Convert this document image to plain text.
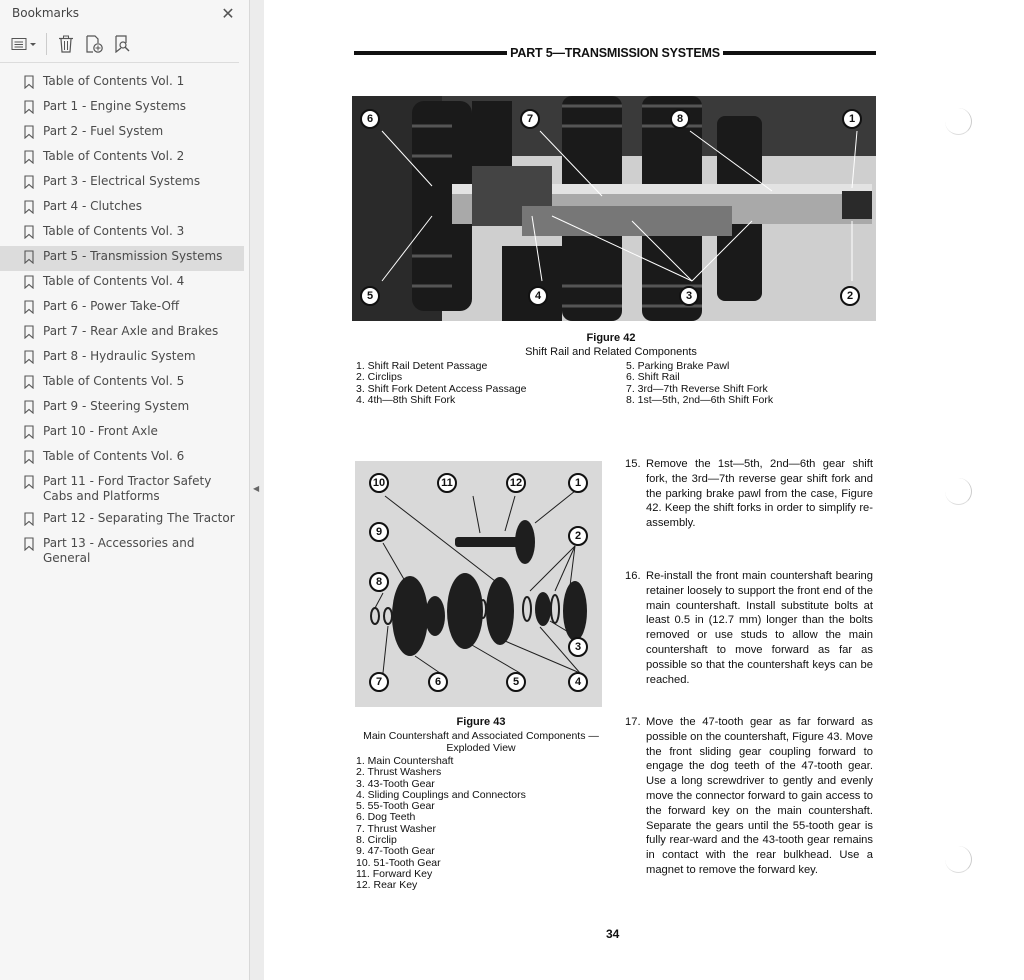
Bookmarks	✕
Table of Contents Vol. 1
Part 1 - Engine Systems
Part 2 - Fuel System
Table of Contents Vol. 2
Part 3 - Electrical Systems
Part 4 - Clutches
Table of Contents Vol. 3
Part 5 - Transmission Systems
Table of Contents Vol. 4
Part 6 - Power Take-Off
Part 7 - Rear Axle and Brakes
Part 8 - Hydraulic System
Table of Contents Vol. 5
Part 9 - Steering System
Part 10 - Front Axle
Table of Contents Vol. 6
Part 11 - Ford Tractor Safety Cabs and Platforms
Part 12 - Separating The Tractor
Part 13 - Accessories and General
◀
PART 5—TRANSMISSION SYSTEMS
6	7	8	1
5	4	3	2
Figure 42
Shift Rail and Related Components
1. Shift Rail Detent Passage
2. Circlips
3. Shift Fork Detent Access Passage
4. 4th—8th Shift Fork
5. Parking Brake Pawl
6. Shift Rail
7. 3rd—7th Reverse Shift Fork
8. 1st—5th, 2nd—6th Shift Fork
10	11	12	1
9	2
8
3
7	6	5	4
Figure 43
Main Countershaft and Associated Components —
Exploded View
1. Main Countershaft
2. Thrust Washers
3. 43-Tooth Gear
4. Sliding Couplings and Connectors
5. 55-Tooth Gear
6. Dog Teeth
7. Thrust Washer
8. Circlip
9. 47-Tooth Gear
10. 51-Tooth Gear
11. Forward Key
12. Rear Key
15. Remove the 1st—5th, 2nd—6th gear shift fork, the 3rd—7th reverse gear shift fork and the parking brake pawl from the case, Figure 42. Keep the shift forks in order to simplify re-assembly.
16. Re-install the front main countershaft bearing retainer loosely to support the front end of the main countershaft. Install substitute bolts at least 0.5 in (12.7 mm) longer than the bolts removed or use studs to allow the main countershaft to move forward as far as possible so that the countershaft keys can be reached.
17. Move the 47-tooth gear as far forward as possible on the countershaft, Figure 43. Move the front sliding gear coupling forward to engage the dog teeth of the 47-tooth gear. Use a long screwdriver to gently and evenly move the connector forward to gain access to the forward key on the main countershaft. Separate the gears until the 55-tooth gear is fully rear-ward and the 43-tooth gear remains in contact with the rear bulkhead. Use a magnet to remove the forward key.
34
